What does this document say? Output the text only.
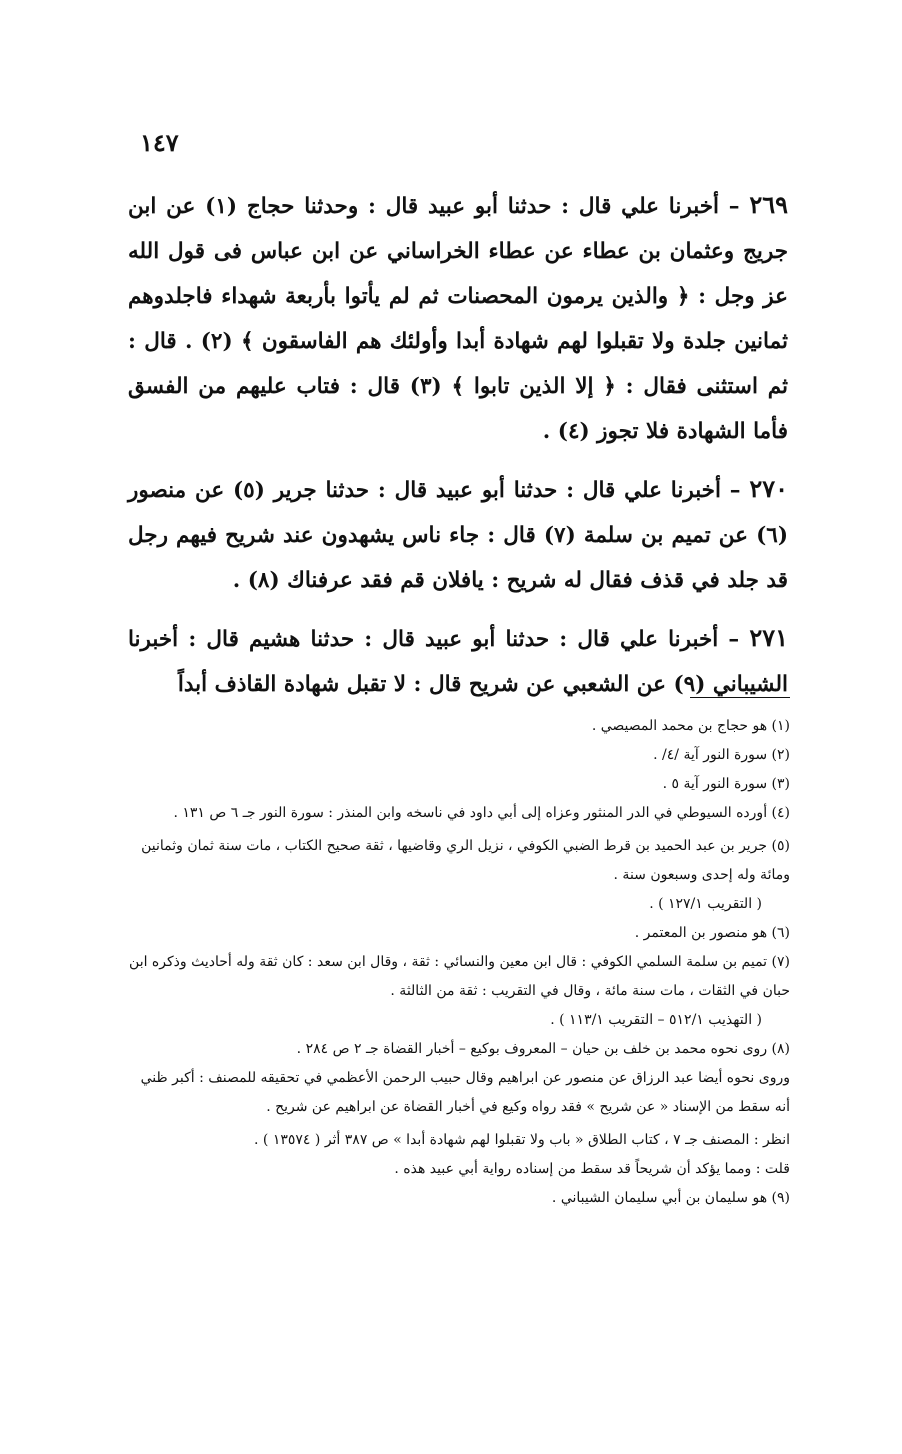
١٤٧

٢٦٩ – أخبرنا علي قال : حدثنا أبو عبيد قال : وحدثنا حجاج (١) عن ابن جريج وعثمان بن عطاء عن عطاء الخراساني عن ابن عباس فى قول الله عز وجل : ﴿ والذين يرمون المحصنات ثم لم يأتوا بأربعة شهداء فاجلدوهم ثمانين جلدة ولا تقبلوا لهم شهادة أبدا وأولئك هم الفاسقون ﴾ (٢) . قال : ثم استثنى فقال : ﴿ إلا الذين تابوا ﴾ (٣) قال : فتاب عليهم من الفسق فأما الشهادة فلا تجوز (٤) .

٢٧٠ – أخبرنا علي قال : حدثنا أبو عبيد قال : حدثنا جرير (٥) عن منصور (٦) عن تميم بن سلمة (٧) قال : جاء ناس يشهدون عند شريح فيهم رجل قد جلد في قذف فقال له شريح : يافلان قم فقد عرفناك (٨) .

٢٧١ – أخبرنا علي قال : حدثنا أبو عبيد قال : حدثنا هشيم قال : أخبرنا الشيباني (٩) عن الشعبي عن شريح قال : لا تقبل شهادة القاذف أبداً

(١) هو حجاج بن محمد المصيصي .

(٢) سورة النور آية /٤/ .

(٣) سورة النور آية ٥ .

(٤) أورده السيوطي في الدر المنثور وعزاه إلى أبي داود في ناسخه وابن المنذر : سورة النور جـ ٦ ص ١٣١ .

(٥) جرير بن عبد الحميد بن قرط الضبي الكوفي ، نزيل الري وقاضيها ، ثقة صحيح الكتاب ، مات سنة ثمان وثمانين ومائة وله إحدى وسبعون سنة .

( التقريب ١٢٧/١ ) .

(٦) هو منصور بن المعتمر .

(٧) تميم بن سلمة السلمي الكوفي : قال ابن معين والنسائي : ثقة ، وقال ابن سعد : كان ثقة وله أحاديث وذكره ابن حبان في الثقات ، مات سنة مائة ، وقال في التقريب : ثقة من الثالثة .

( التهذيب ٥١٢/١ – التقريب ١١٣/١ ) .

(٨) روى نحوه محمد بن خلف بن حيان – المعروف بوكيع – أخبار القضاة جـ ٢ ص ٢٨٤ .

وروى نحوه أيضا عبد الرزاق عن منصور عن ابراهيم وقال حبيب الرحمن الأعظمي في تحقيقه للمصنف : أكبر ظني أنه سقط من الإسناد « عن شريح » فقد رواه وكيع في أخبار القضاة عن ابراهيم عن شريح .

انظر : المصنف جـ ٧ ، كتاب الطلاق « باب ولا تقبلوا لهم شهادة أبدا » ص ٣٨٧ أثر ( ١٣٥٧٤ ) .

قلت : ومما يؤكد أن شريحاً قد سقط من إسناده رواية أبي عبيد هذه .

(٩) هو سليمان بن أبي سليمان الشيباني .
